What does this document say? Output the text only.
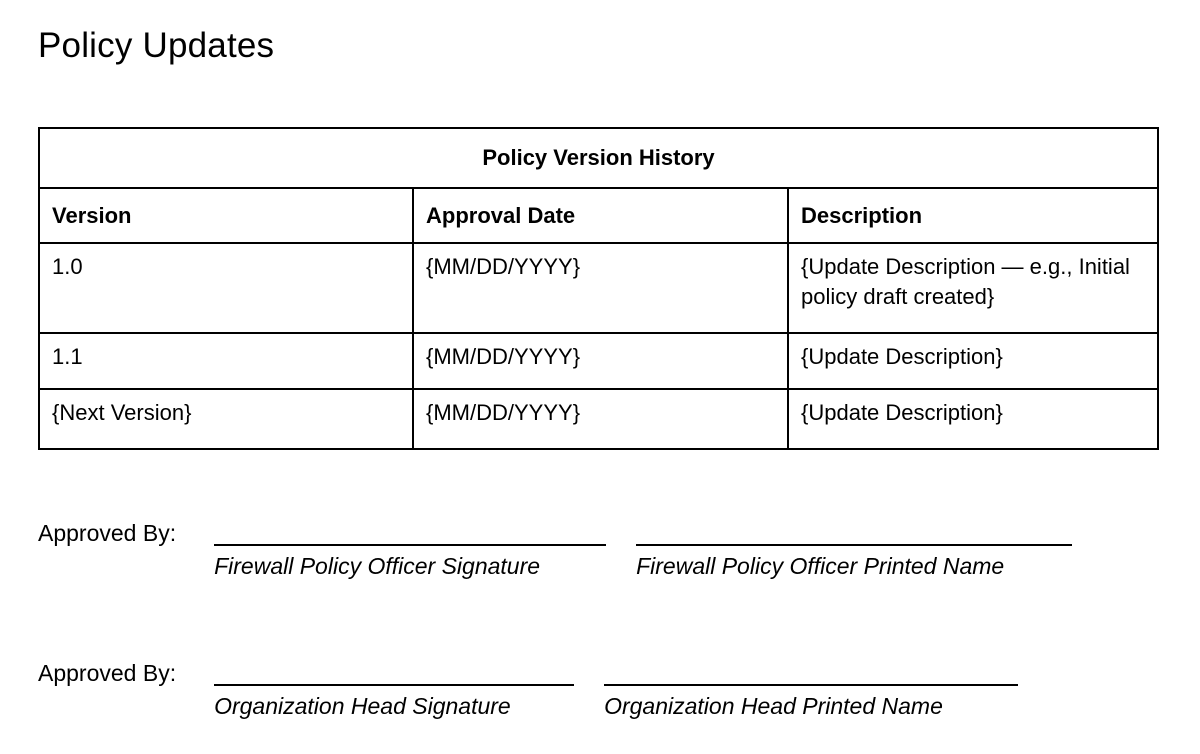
Policy Updates
Policy Version History		
Version	Approval Date	Description
1.0	{MM/DD/YYYY}	{Update Description — e.g., Initial policy draft created}
1.1	{MM/DD/YYYY}	{Update Description}
{Next Version}	{MM/DD/YYYY}	{Update Description}
Approved By:
Firewall Policy Officer Signature	Firewall Policy Officer Printed Name
Approved By:
Organization Head Signature	Organization Head Printed Name
